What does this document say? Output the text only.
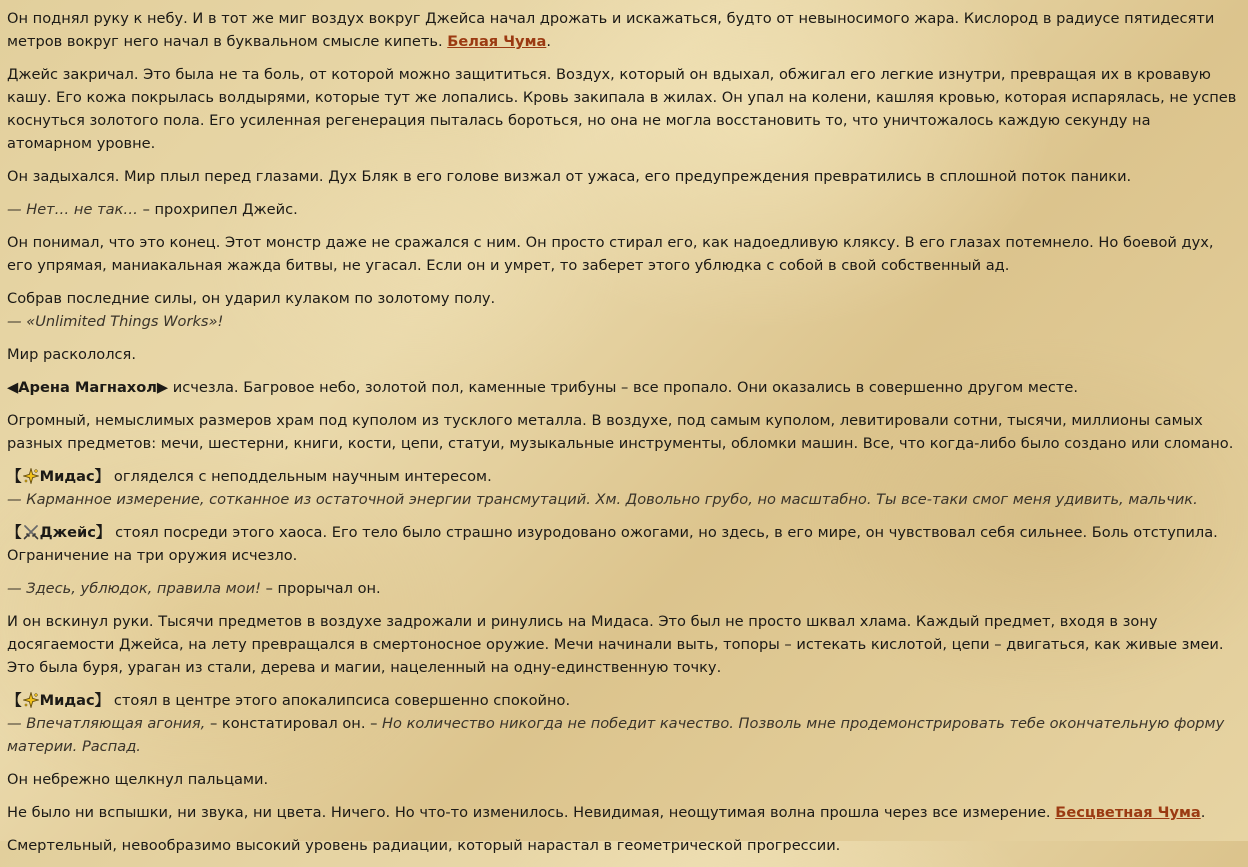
Он поднял руку к небу. И в тот же миг воздух вокруг Джейса начал дрожать и искажаться, будто от невыносимого жара. Кислород в радиусе пятидесяти метров вокруг него начал в буквальном смысле кипеть. Белая Чума.

Джейс закричал. Это была не та боль, от которой можно защититься. Воздух, который он вдыхал, обжигал его легкие изнутри, превращая их в кровавую кашу. Его кожа покрылась волдырями, которые тут же лопались. Кровь закипала в жилах. Он упал на колени, кашляя кровью, которая испарялась, не успев коснуться золотого пола. Его усиленная регенерация пыталась бороться, но она не могла восстановить то, что уничтожалось каждую секунду на атомарном уровне.

Он задыхался. Мир плыл перед глазами. Дух Бляк в его голове визжал от ужаса, его предупреждения превратились в сплошной поток паники.

— Нет… не так… – прохрипел Джейс.

Он понимал, что это конец. Этот монстр даже не сражался с ним. Он просто стирал его, как надоедливую кляксу. В его глазах потемнело. Но боевой дух, его упрямая, маниакальная жажда битвы, не угасал. Если он и умрет, то заберет этого ублюдка с собой в свой собственный ад.

Собрав последние силы, он ударил кулаком по золотому полу.

— «Unlimited Things Works»!

Мир раскололся.

◀Арена Магнахол▶ исчезла. Багровое небо, золотой пол, каменные трибуны – все пропало. Они оказались в совершенно другом месте.

Огромный, немыслимых размеров храм под куполом из тусклого металла. В воздухе, под самым куполом, левитировали сотни, тысячи, миллионы самых разных предметов: мечи, шестерни, книги, кости, цепи, статуи, музыкальные инструменты, обломки машин. Все, что когда-либо было создано или сломано.

【 Мидас】 огляделся с неподдельным научным интересом.

— Карманное измерение, сотканное из остаточной энергии трансмутаций. Хм. Довольно грубо, но масштабно. Ты все-таки смог меня удивить, мальчик.

【 Джейс】 стоял посреди этого хаоса. Его тело было страшно изуродовано ожогами, но здесь, в его мире, он чувствовал себя сильнее. Боль отступила. Ограничение на три оружия исчезло.

— Здесь, ублюдок, правила мои! – прорычал он.

И он вскинул руки. Тысячи предметов в воздухе задрожали и ринулись на Мидаса. Это был не просто шквал хлама. Каждый предмет, входя в зону досягаемости Джейса, на лету превращался в смертоносное оружие. Мечи начинали выть, топоры – истекать кислотой, цепи – двигаться, как живые змеи. Это была буря, ураган из стали, дерева и магии, нацеленный на одну-единственную точку.

【 Мидас】 стоял в центре этого апокалипсиса совершенно спокойно.

— Впечатляющая агония, – констатировал он. – Но количество никогда не победит качество. Позволь мне продемонстрировать тебе окончательную форму материи. Распад.

Он небрежно щелкнул пальцами.

Не было ни вспышки, ни звука, ни цвета. Ничего. Но что-то изменилось. Невидимая, неощутимая волна прошла через все измерение. Бесцветная Чума.

Смертельный, невообразимо высокий уровень радиации, который нарастал в геометрической прогрессии.
